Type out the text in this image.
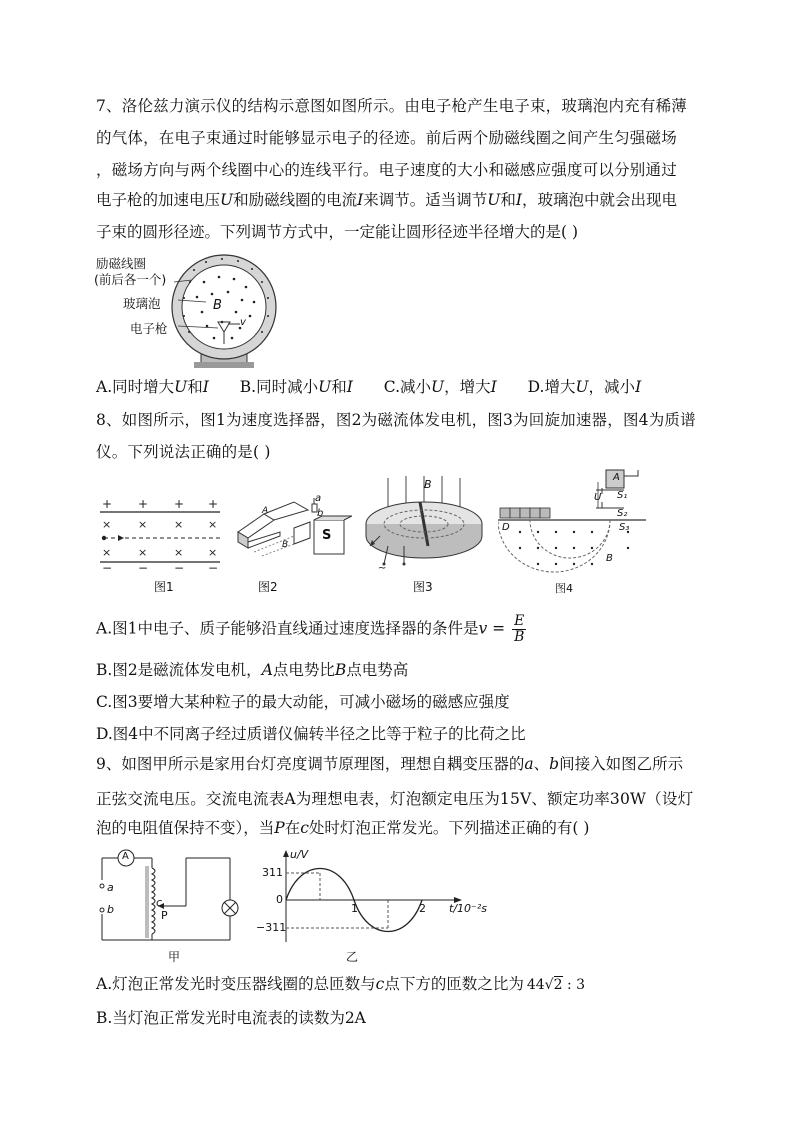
7、洛伦兹力演示仪的结构示意图如图所示。由电子枪产生电子束，玻璃泡内充有稀薄
的气体，在电子束通过时能够显示电子的径迹。前后两个励磁线圈之间产生匀强磁场
，磁场方向与两个线圈中心的连线平行。电子速度的大小和磁感应强度可以分别通过
电子枪的加速电压U和励磁线圈的电流I来调节。适当调节U和I，玻璃泡中就会出现电
子束的圆形径迹。下列调节方式中，一定能让圆形径迹半径增大的是( )
励磁线圈
(前后各一个)
玻璃泡
电子枪
B
v
A.同时增大U和I B.同时减小U和I C.减小U，增大I D.增大U，减小I
8、如图所示，图1为速度选择器，图2为磁流体发电机，图3为回旋加速器，图4为质谱
仪。下列说法正确的是( )
+ + + +
× × × ×
× × × ×
− − − −
图1
a
b
A
B
S
图2
B
~
图3
A
U S₁
S₂
S₃
D
B
图4
A.图1中电子、质子能够沿直线通过速度选择器的条件是$v = \frac{E}{B}$
B.图2是磁流体发电机，A点电势比B点电势高
C.图3要增大某种粒子的最大动能，可减小磁场的磁感应强度
D.图4中不同离子经过质谱仪偏转半径之比等于粒子的比荷之比
9、如图甲所示是家用台灯亮度调节原理图，理想自耦变压器的a、b间接入如图乙所示
正弦交流电压。交流电流表A为理想电表，灯泡额定电压为15V、额定功率30W（设灯
泡的电阻值保持不变），当P在c处时灯泡正常发光。下列描述正确的有( )
A
a
b
c
P
甲
u/V
311
0
−311
1	2 t/10⁻²s
乙
A.灯泡正常发光时变压器线圈的总匝数与c点下方的匝数之比为 44√2 : 3
B.当灯泡正常发光时电流表的读数为2A
